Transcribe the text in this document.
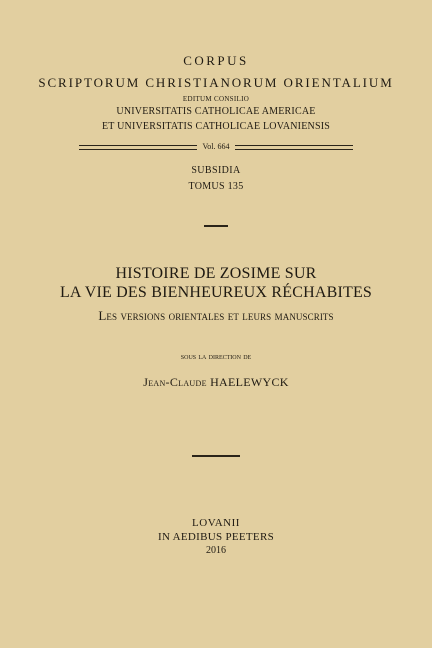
CORPUS
SCRIPTORUM CHRISTIANORUM ORIENTALIUM
EDITUM CONSILIO
UNIVERSITATIS CATHOLICAE AMERICAE
ET UNIVERSITATIS CATHOLICAE LOVANIENSIS
Vol. 664
SUBSIDIA
TOMUS 135
HISTOIRE DE ZOSIME SUR
LA VIE DES BIENHEUREUX RÉCHABITES
Les versions orientales et leurs manuscrits
sous la direction de
Jean-Claude HAELEWYCK
LOVANII
IN AEDIBUS PEETERS
2016
